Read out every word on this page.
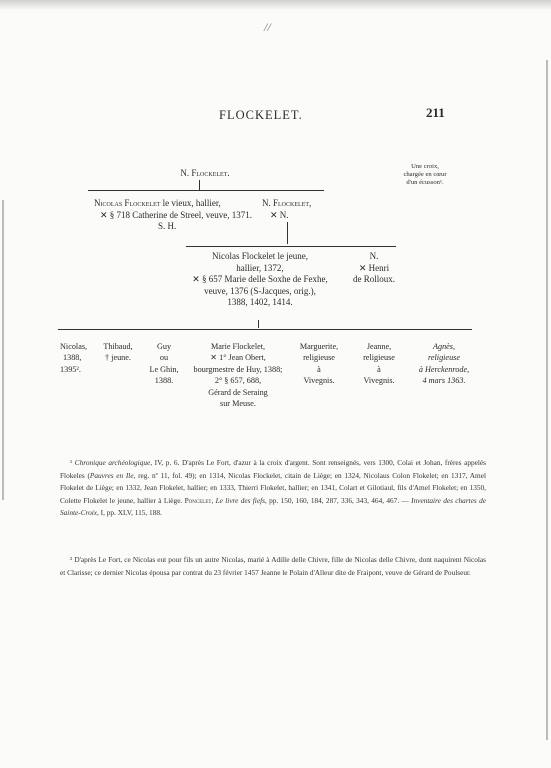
//
FLOCKELET.	211
Une croix,
chargée en cœur
d'un écusson¹.
N. Flockelet.
Nicolas Flockelet le vieux, hallier,
✕ § 718 Catherine de Streel, veuve, 1371.
S. H.
N. Flockelet,
✕ N.
Nicolas Flockelet le jeune,
hallier, 1372,
✕ § 657 Marie delle Soxhe de Fexhe,
veuve, 1376 (S-Jacques, orig.),
1388, 1402, 1414.
N.
✕ Henri
de Rolloux.
Nicolas,
1388,
1395².
Thibaud,
† jeune.
Guy
ou
Le Ghin,
1388.
Marie Flockelet,
✕ 1° Jean Obert,
bourgmestre de Huy, 1388;
2° § 657, 688,
Gérard de Seraing
sur Meuse.
Marguerite,
religieuse
à
Vivegnis.
Jeanne,
religieuse
à
Vivegnis.
Agnès,
religieuse
à Herckenrode,
4 mars 1363.

¹ Chronique archéologique, IV, p. 6. D'après Le Fort, d'azur à la croix d'argent. Sont renseignés, vers 1300, Colai et Johan, frères appelés Flokeles (Pauvres en Ile, reg. nº 11, fol. 49); en 1314, Nicolas Flockelet, citain de Liège; en 1324, Nicolaus Colon Flokelet; en 1317, Amel Flokelet de Liège; en 1332, Jean Flokelet, hallier; en 1333, Thierri Flokelet, hallier; en 1341, Colart et Gilotiaul, fils d'Amel Flokelet; en 1350, Colette Flokelet le jeune, hallier à Liège. Poncelet, Le livre des fiefs, pp. 150, 160, 184, 287, 336, 343, 464, 467. — Inventaire des chartes de Sainte-Croix, I, pp. XLV, 115, 188.

² D'après Le Fort, ce Nicolas eut pour fils un autre Nicolas, marié à Adille delle Chivre, fille de Nicolas delle Chivre, dont naquirent Nicolas et Clarisse; ce dernier Nicolas épousa par contrat du 23 février 1457 Jeanne le Polain d'Alleur dite de Fraipont, veuve de Gérard de Poulseur.
